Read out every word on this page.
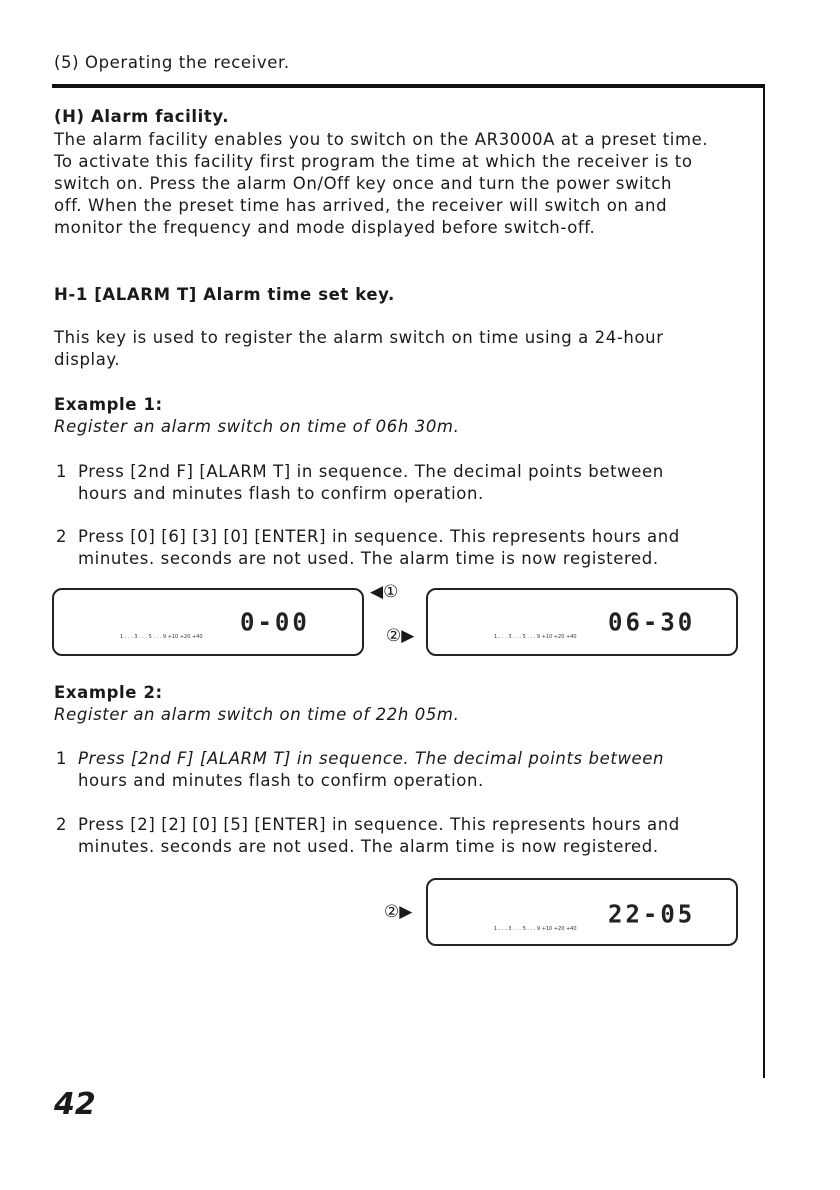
(5) Operating the receiver.
(H) Alarm facility.
The alarm facility enables you to switch on the AR3000A at a preset time.
To activate this facility first program the time at which the receiver is to
switch on. Press the alarm On/Off key once and turn the power switch
off. When the preset time has arrived, the receiver will switch on and
monitor the frequency and mode displayed before switch-off.
H-1 [ALARM T] Alarm time set key.
This key is used to register the alarm switch on time using a 24-hour
display.
Example 1:
Register an alarm switch on time of 06h 30m.
1 Press [2nd F] [ALARM T] in sequence. The decimal points between
hours and minutes flash to confirm operation.
2 Press [0] [6] [3] [0] [ENTER] in sequence. This represents hours and
minutes. seconds are not used. The alarm time is now registered.
1 . . . 3 . . . 5 . . . 9 +10 +20 +40
0-00
◀①
②▶	1 . . . 3 . . . 5 . . . 9 +10 +20 +40
06-30
Example 2:
Register an alarm switch on time of 22h 05m.
1 Press [2nd F] [ALARM T] in sequence. The decimal points between
hours and minutes flash to confirm operation.
2 Press [2] [2] [0] [5] [ENTER] in sequence. This represents hours and
minutes. seconds are not used. The alarm time is now registered.
②▶
1 . . . 3 . . . 5 . . . 9 +10 +20 +40
22-05
42
